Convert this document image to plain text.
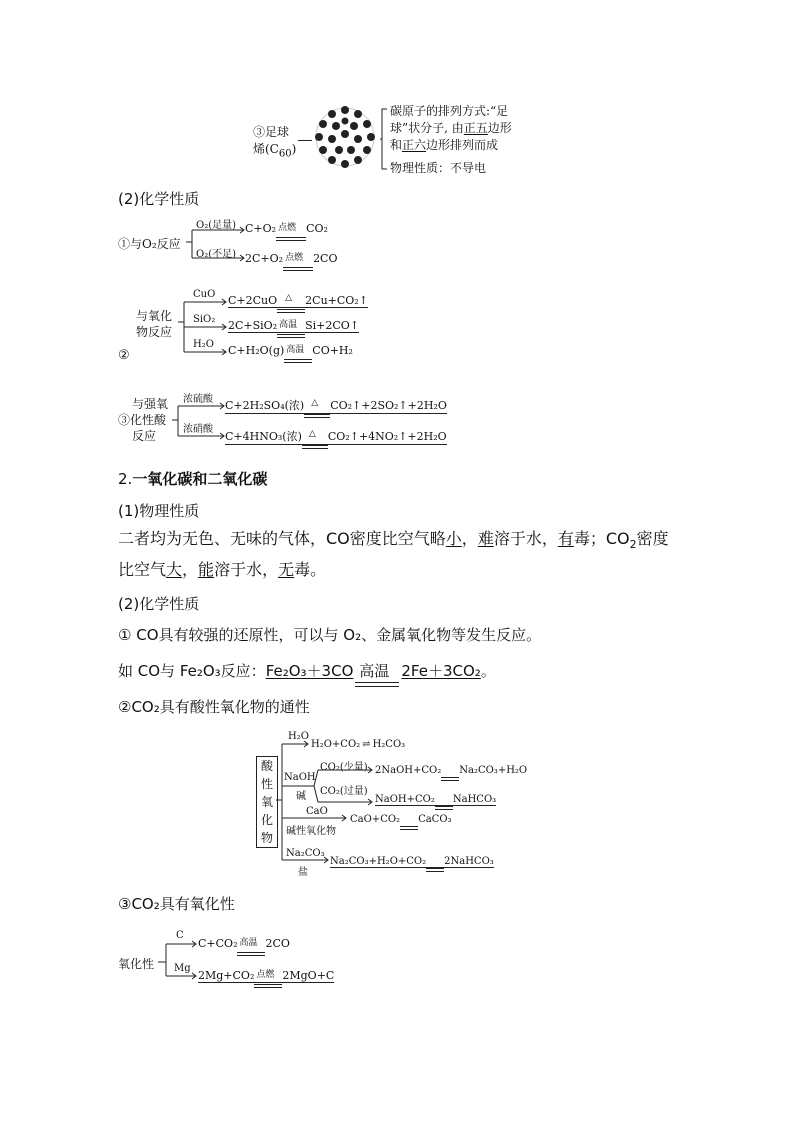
③足球
烯$(C_{60})$
碳原子的排列方式:“足
球”状分子, 由正五边形
和正六边形排列而成
物理性质：不导电
(2)化学性质
①与O₂反应
O₂(足量)
O₂(不足)
C+O₂ 点燃 CO₂
2C+O₂ 点燃 2CO
与氧化
物反应
②
CuO
SiO₂
H₂O
C+2CuO △ 2Cu+CO₂↑
2C+SiO₂ 高温 Si+2CO↑
C+H₂O(g) 高温 CO+H₂
与强氧
③化性酸
反应
浓硫酸
浓硝酸
C+2H₂SO₄(浓) △ CO₂↑+2SO₂↑+2H₂O
C+4HNO₃(浓) △ CO₂↑+4NO₂↑+2H₂O
2.一氧化碳和二氧化碳
(1)物理性质
二者均为无色、无味的气体，CO密度比空气略小，难溶于水，有毒；$CO_2$密度
比空气大，能溶于水，无毒。
(2)化学性质
① CO具有较强的还原性，可以与 O₂、金属氧化物等发生反应。
如 CO与 Fe₂O₃反应：Fe₂O₃＋3CO 高温 2Fe＋3CO₂。
②CO₂具有酸性氧化物的通性
酸
性
氧
化
物
H₂O
H₂O+CO₂ ⇌ H₂CO₃
NaOH
碱
CO₂(少量)
CO₂(过量)
2NaOH+CO₂ Na₂CO₃+H₂O
NaOH+CO₂ NaHCO₃
CaO
碱性氧化物
CaO+CO₂ CaCO₃
Na₂CO₃
盐
Na₂CO₃+H₂O+CO₂ 2NaHCO₃
③CO₂具有氧化性
氧化性
C
Mg
C+CO₂ 高温 2CO
2Mg+CO₂ 点燃 2MgO+C
